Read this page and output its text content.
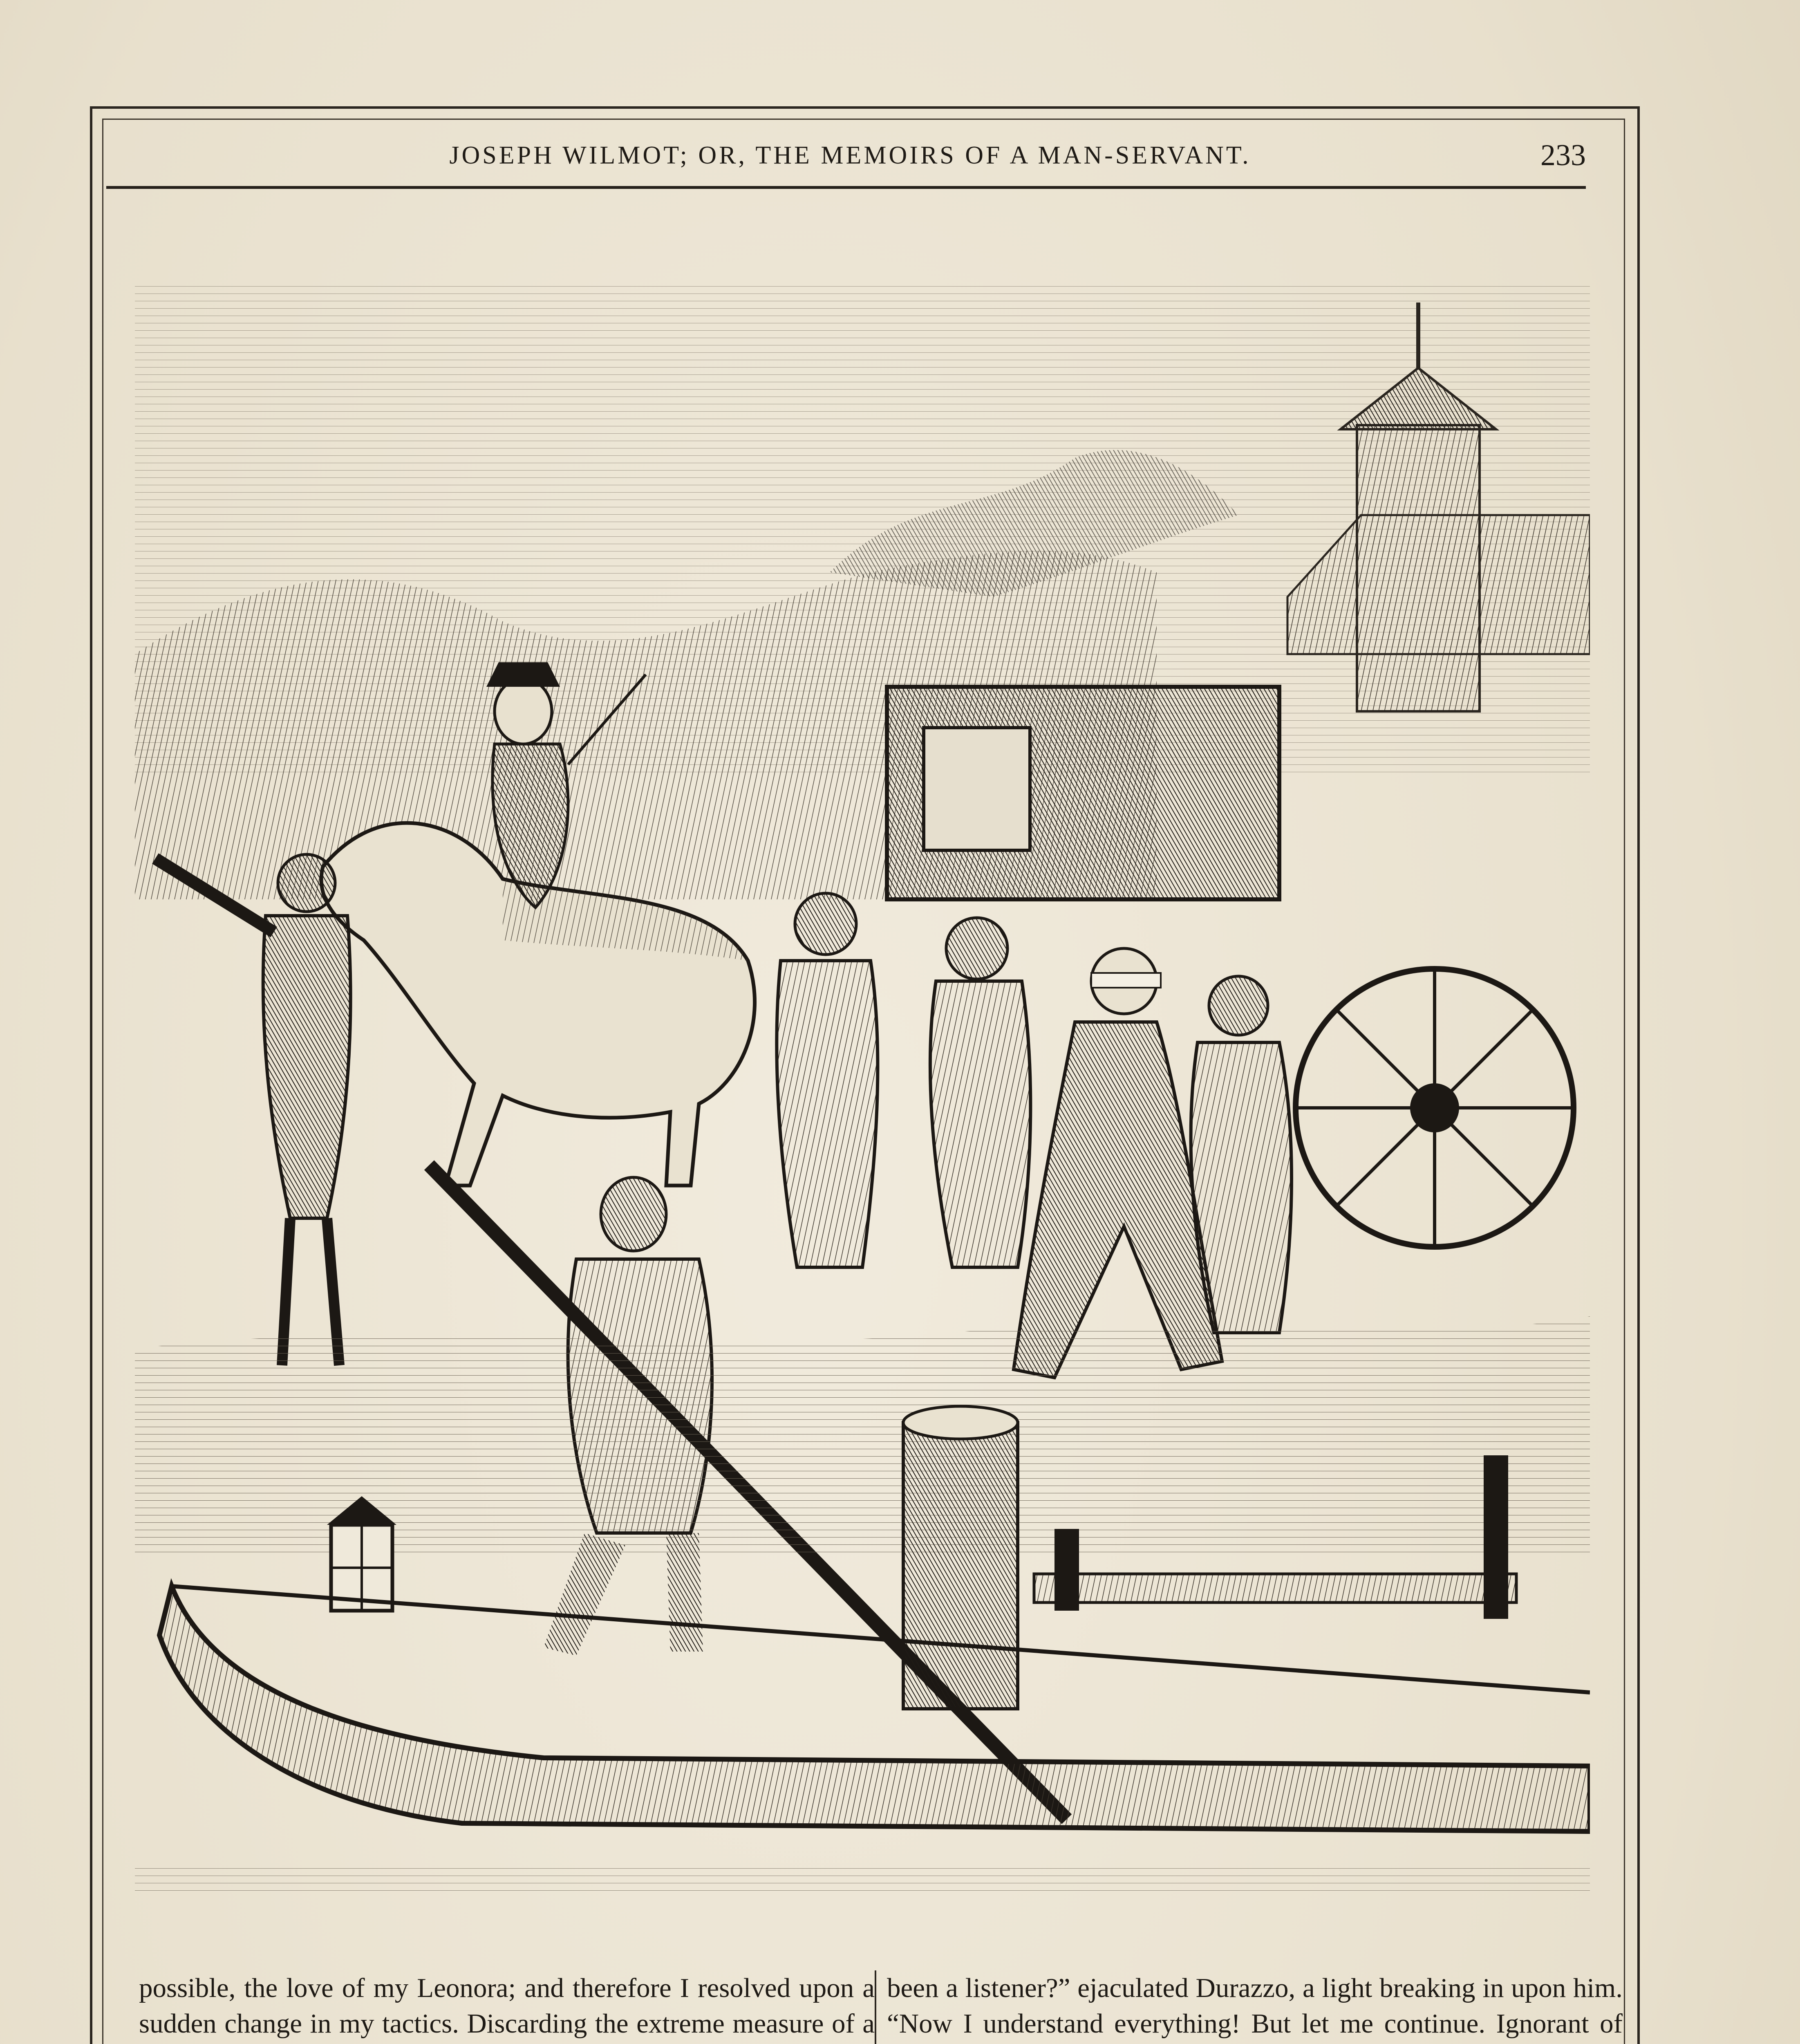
JOSEPH WILMOT; OR, THE MEMOIRS OF A MAN-SERVANT.	233

possible, the love of my Leonora; and therefore I resolved upon a sudden change in my tactics. Discarding the extreme measure of a

been a listener?” ejaculated Durazzo, a light breaking in upon him. “Now I understand everything! But let me continue. Ignorant of
